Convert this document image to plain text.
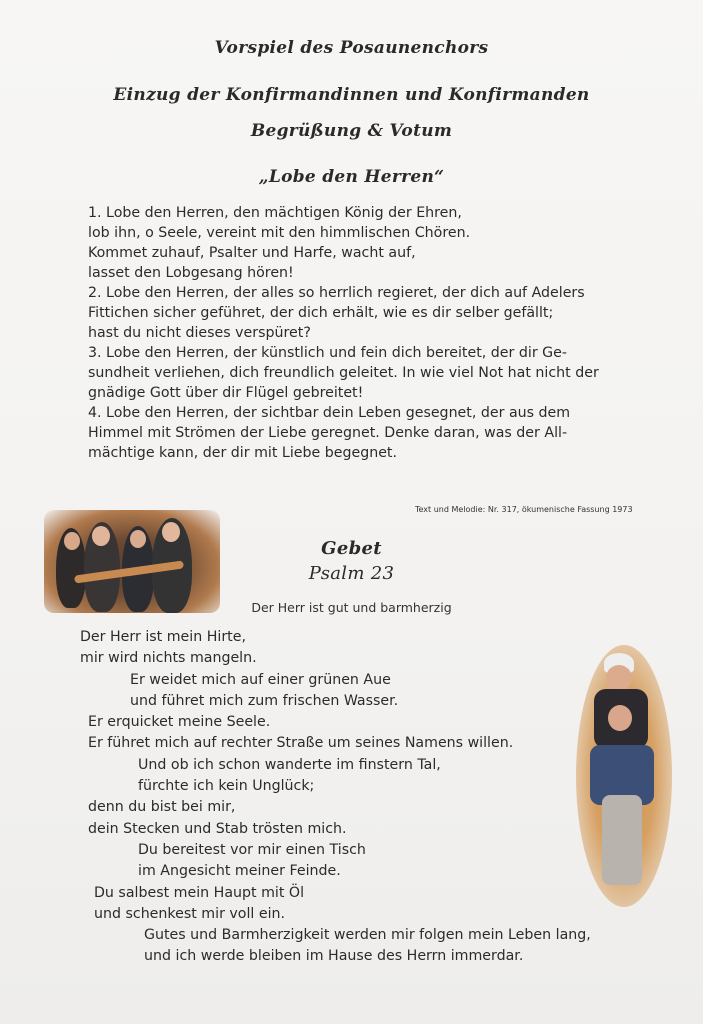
Vorspiel des Posaunenchors
Einzug der Konfirmandinnen und Konfirmanden
Begrüßung & Votum
„Lobe den Herren“

1. Lobe den Herren, den mächtigen König der Ehren,

lob ihn, o Seele, vereint mit den himmlischen Chören.

Kommet zuhauf, Psalter und Harfe, wacht auf,

lasset den Lobgesang hören!

2. Lobe den Herren, der alles so herrlich regieret, der dich auf Adelers

Fittichen sicher geführet, der dich erhält, wie es dir selber gefällt;

hast du nicht dieses verspüret?

3. Lobe den Herren, der künstlich und fein dich bereitet, der dir Ge-

sundheit verliehen, dich freundlich geleitet. In wie viel Not hat nicht der

gnädige Gott über dir Flügel gebreitet!

4. Lobe den Herren, der sichtbar dein Leben gesegnet, der aus dem

Himmel mit Strömen der Liebe geregnet. Denke daran, was der All-

mächtige kann, der dir mit Liebe begegnet.

Text und Melodie: Nr. 317, ökumenische Fassung 1973
Gebet
Psalm 23
Der Herr ist gut und barmherzig
Der Herr ist mein Hirte,
mir wird nichts mangeln.
Er weidet mich auf einer grünen Aue
und führet mich zum frischen Wasser.
Er erquicket meine Seele.
Er führet mich auf rechter Straße um seines Namens willen.
Und ob ich schon wanderte im finstern Tal,
fürchte ich kein Unglück;
denn du bist bei mir,
dein Stecken und Stab trösten mich.
Du bereitest vor mir einen Tisch
im Angesicht meiner Feinde.
Du salbest mein Haupt mit Öl
und schenkest mir voll ein.
Gutes und Barmherzigkeit werden mir folgen mein Leben lang,
und ich werde bleiben im Hause des Herrn immerdar.
